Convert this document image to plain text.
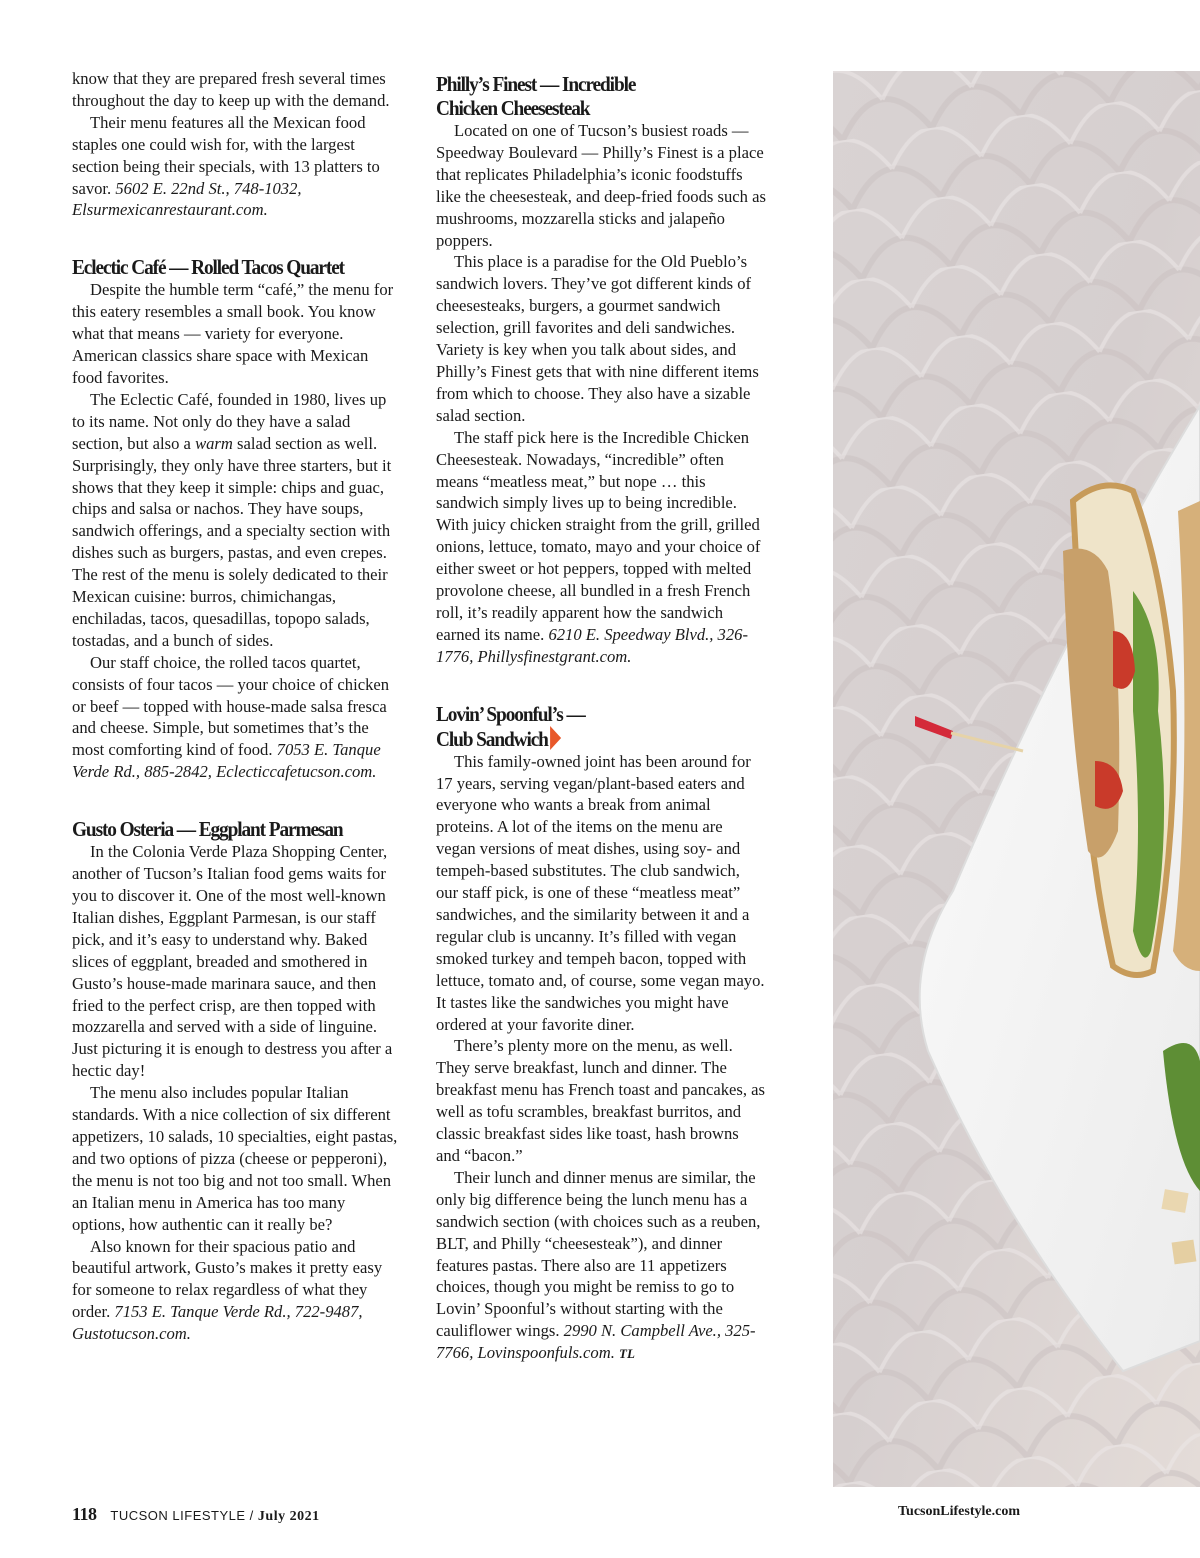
know that they are prepared fresh several times throughout the day to keep up with the demand.

Their menu features all the Mexican food staples one could wish for, with the largest section being their specials, with 13 platters to savor. 5602 E. 22nd St., 748-1032, Elsurmexicanrestaurant.com.

Eclectic Café — Rolled Tacos Quartet

Despite the humble term “café,” the menu for this eatery resembles a small book. You know what that means — variety for everyone. American classics share space with Mexican food favorites.

The Eclectic Café, founded in 1980, lives up to its name. Not only do they have a salad section, but also a warm salad section as well. Surprisingly, they only have three starters, but it shows that they keep it simple: chips and guac, chips and salsa or nachos. They have soups, sandwich offerings, and a specialty section with dishes such as burgers, pastas, and even crepes. The rest of the menu is solely dedicated to their Mexican cuisine: burros, chimichangas, enchiladas, tacos, quesadillas, topopo salads, tostadas, and a bunch of sides.

Our staff choice, the rolled tacos quartet, consists of four tacos — your choice of chicken or beef — topped with house-made salsa fresca and cheese. Simple, but sometimes that’s the most comforting kind of food. 7053 E. Tanque Verde Rd., 885-2842, Eclecticcafetucson.com.

Gusto Osteria — Eggplant Parmesan

In the Colonia Verde Plaza Shopping Center, another of Tucson’s Italian food gems waits for you to discover it. One of the most well-known Italian dishes, Eggplant Parmesan, is our staff pick, and it’s easy to understand why. Baked slices of eggplant, breaded and smothered in Gusto’s house-made marinara sauce, and then fried to the perfect crisp, are then topped with mozzarella and served with a side of linguine. Just picturing it is enough to destress you after a hectic day!

The menu also includes popular Italian standards. With a nice collection of six different appetizers, 10 salads, 10 specialties, eight pastas, and two options of pizza (cheese or pepperoni), the menu is not too big and not too small. When an Italian menu in America has too many options, how authentic can it really be?

Also known for their spacious patio and beautiful artwork, Gusto’s makes it pretty easy for someone to relax regardless of what they order. 7153 E. Tanque Verde Rd., 722-9487, Gustotucson.com.

Philly’s Finest — Incredible
Chicken Cheesesteak

Located on one of Tucson’s busiest roads — Speedway Boulevard — Philly’s Finest is a place that replicates Philadelphia’s iconic foodstuffs like the cheesesteak, and deep-fried foods such as mushrooms, mozzarella sticks and jalapeño poppers.

This place is a paradise for the Old Pueblo’s sandwich lovers. They’ve got different kinds of cheesesteaks, burgers, a gourmet sandwich selection, grill favorites and deli sandwiches. Variety is key when you talk about sides, and Philly’s Finest gets that with nine different items from which to choose. They also have a sizable salad section.

The staff pick here is the Incredible Chicken Cheesesteak. Nowadays, “incredible” often means “meatless meat,” but nope … this sandwich simply lives up to being incredible. With juicy chicken straight from the grill, grilled onions, lettuce, tomato, mayo and your choice of either sweet or hot peppers, topped with melted provolone cheese, all bundled in a fresh French roll, it’s readily apparent how the sandwich earned its name. 6210 E. Speedway Blvd., 326-1776, Phillysfinestgrant.com.

Lovin’ Spoonful’s —
Club Sandwich

This family-owned joint has been around for 17 years, serving vegan/plant-based eaters and everyone who wants a break from animal proteins. A lot of the items on the menu are vegan versions of meat dishes, using soy- and tempeh-based substitutes. The club sandwich, our staff pick, is one of these “meatless meat” sandwiches, and the similarity between it and a regular club is uncanny. It’s filled with vegan smoked turkey and tempeh bacon, topped with lettuce, tomato and, of course, some vegan mayo. It tastes like the sandwiches you might have ordered at your favorite diner.

There’s plenty more on the menu, as well. They serve breakfast, lunch and dinner. The breakfast menu has French toast and pancakes, as well as tofu scrambles, breakfast burritos, and classic breakfast sides like toast, hash browns and “bacon.”

Their lunch and dinner menus are similar, the only big difference being the lunch menu has a sandwich section (with choices such as a reuben, BLT, and Philly “cheesesteak”), and dinner features pastas. There also are 11 appetizers choices, though you might be remiss to go to Lovin’ Spoonful’s without starting with the cauliflower wings. 2990 N. Campbell Ave., 325-7766, Lovinspoonfuls.com. TL

118 TUCSON LIFESTYLE / July 2021	TucsonLifestyle.com
